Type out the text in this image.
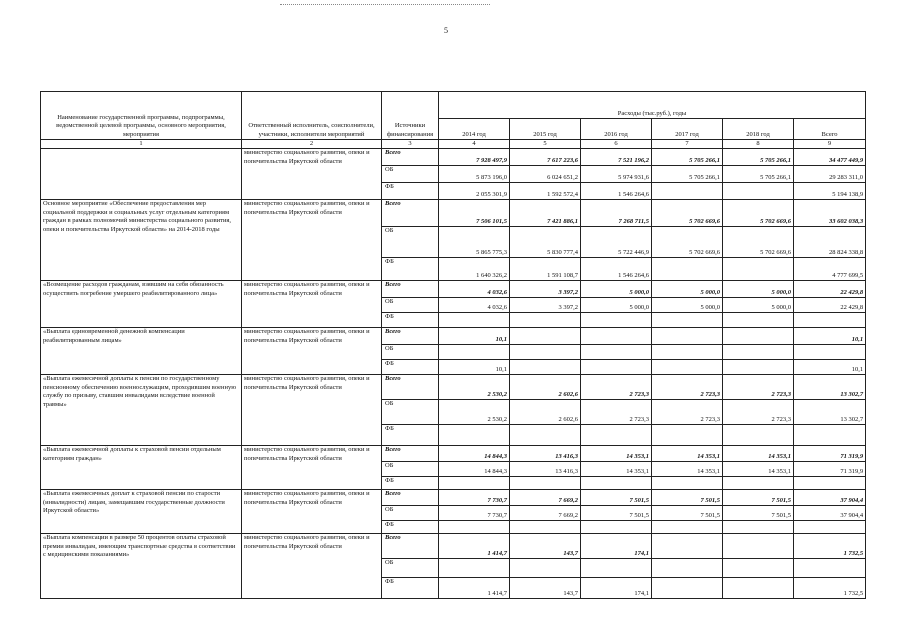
5
Наименование государственной программы, подпрограммы, ведомственной целевой программы, основного мероприятия, мероприятия	Ответственный исполнитель, соисполнители, участники, исполнители мероприятий	Источники финансирования	Расходы (тыс.руб.), годы					
			2014 год	2015 год	2016 год	2017 год	2018 год	Всего
1	2	3	4	5	6	7	8	9
	министерство социального развития, опеки и попечительства Иркутской области	Всего	7 928 497,9	7 617 223,6	7 521 196,2	5 705 266,1	5 705 266,1	34 477 449,9
		ОБ	5 873 196,0	6 024 651,2	5 974 931,6	5 705 266,1	5 705 266,1	29 283 311,0
		ФБ	2 055 301,9	1 592 572,4	1 546 264,6			5 194 138,9
Основное мероприятие «Обеспечение предоставления мер социальной поддержки и социальных услуг отдельным категориям граждан в рамках полномочий министерства социального развития, опеки и попечительства Иркутской области» на 2014-2018 годы	министерство социального развития, опеки и попечительства Иркутской области	Всего	7 506 101,5	7 421 886,1	7 268 711,5	5 702 669,6	5 702 669,6	33 602 038,3
		ОБ	5 865 775,3	5 830 777,4	5 722 446,9	5 702 669,6	5 702 669,6	28 824 338,8
		ФБ	1 640 326,2	1 591 108,7	1 546 264,6			4 777 699,5
«Возмещение расходов гражданам, взявшим на себя обязанность осуществить погребение умершего реабилитированного лица»	министерство социального развития, опеки и попечительства Иркутской области	Всего	4 032,6	3 397,2	5 000,0	5 000,0	5 000,0	22 429,8
		ОБ	4 032,6	3 397,2	5 000,0	5 000,0	5 000,0	22 429,8
		ФБ						
«Выплата единовременной денежной компенсации реабилитированным лицам»	министерство социального развития, опеки и попечительства Иркутской области	Всего	10,1					10,1
		ОБ						
		ФБ	10,1					10,1
«Выплата ежемесячной доплаты к пенсии по государственному пенсионному обеспечению военнослужащим, проходившим военную службу по призыву, ставшим инвалидами вследствие военной травмы»	министерство социального развития, опеки и попечительства Иркутской области	Всего	2 530,2	2 602,6	2 723,3	2 723,3	2 723,3	13 302,7
		ОБ	2 530,2	2 602,6	2 723,3	2 723,3	2 723,3	13 302,7
		ФБ						
«Выплата ежемесячной доплаты к страховой пенсии отдельным категориям граждан»	министерство социального развития, опеки и попечительства Иркутской области	Всего	14 844,3	13 416,3	14 353,1	14 353,1	14 353,1	71 319,9
		ОБ	14 844,3	13 416,3	14 353,1	14 353,1	14 353,1	71 319,9
		ФБ						
«Выплата ежемесячных доплат к страховой пенсии по старости (инвалидности) лицам, замещавшим государственные должности Иркутской области»	министерство социального развития, опеки и попечительства Иркутской области	Всего	7 730,7	7 669,2	7 501,5	7 501,5	7 501,5	37 904,4
		ОБ	7 730,7	7 669,2	7 501,5	7 501,5	7 501,5	37 904,4
		ФБ						
«Выплата компенсации в размере 50 процентов оплаты страховой премии инвалидам, имеющим транспортные средства в соответствии с медицинскими показаниями»	министерство социального развития, опеки и попечительства Иркутской области	Всего	1 414,7	143,7	174,1			1 732,5
		ОБ						
		ФБ	1 414,7	143,7	174,1			1 732,5
